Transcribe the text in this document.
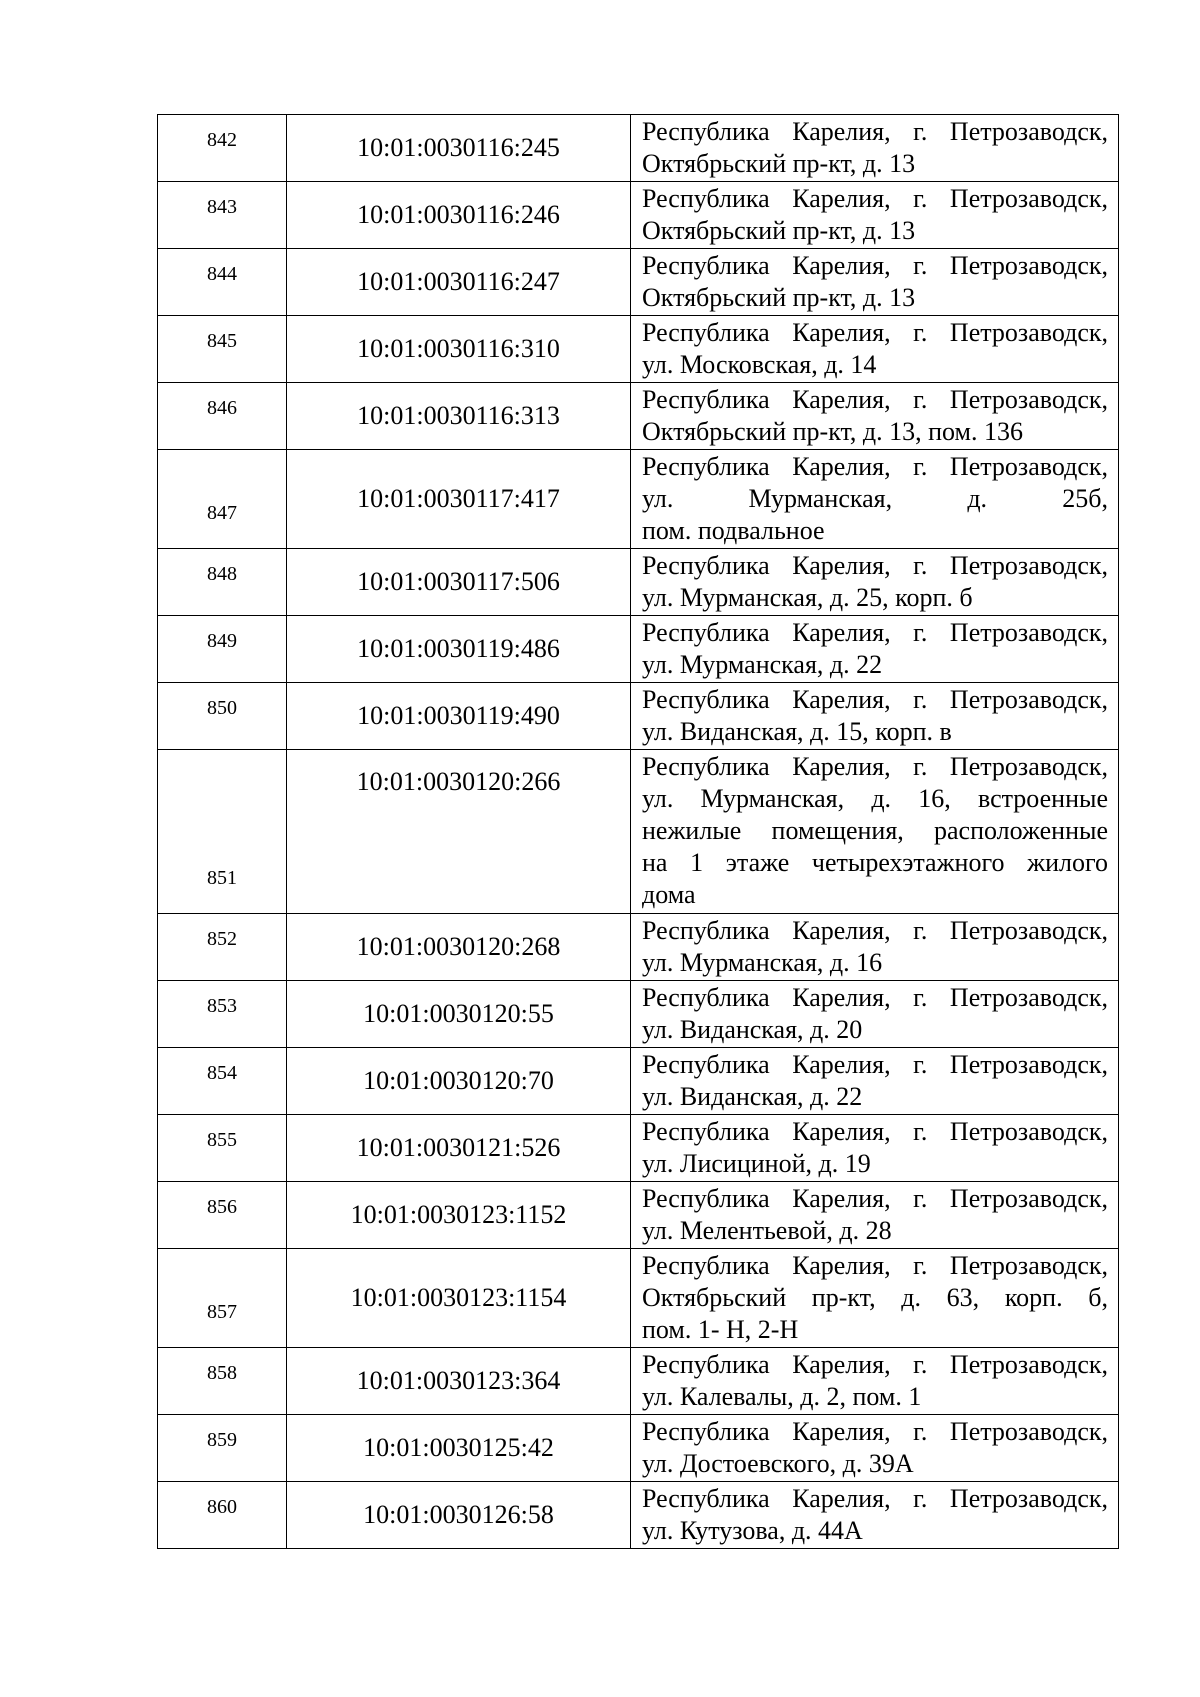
842	10:01:0030116:245	Республика Карелия, г. Петрозаводск,
Октябрьский пр-кт, д. 13

843	10:01:0030116:246	Республика Карелия, г. Петрозаводск,
Октябрьский пр-кт, д. 13

844	10:01:0030116:247	Республика Карелия, г. Петрозаводск,
Октябрьский пр-кт, д. 13

845	10:01:0030116:310	Республика Карелия, г. Петрозаводск,
ул. Московская, д. 14

846	10:01:0030116:313	Республика Карелия, г. Петрозаводск,
Октябрьский пр-кт, д. 13, пом. 136

847	10:01:0030117:417	Республика Карелия, г. Петрозаводск,
ул. Мурманская, д. 25б,
пом. подвальное

848	10:01:0030117:506	Республика Карелия, г. Петрозаводск,
ул. Мурманская, д. 25, корп. б

849	10:01:0030119:486	Республика Карелия, г. Петрозаводск,
ул. Мурманская, д. 22

850	10:01:0030119:490	Республика Карелия, г. Петрозаводск,
ул. Виданская, д. 15, корп. в

851	10:01:0030120:266	Республика Карелия, г. Петрозаводск,
ул. Мурманская, д. 16, встроенные
нежилые помещения, расположенные
на 1 этаже четырехэтажного жилого
дома

852	10:01:0030120:268	Республика Карелия, г. Петрозаводск,
ул. Мурманская, д. 16

853	10:01:0030120:55	Республика Карелия, г. Петрозаводск,
ул. Виданская, д. 20

854	10:01:0030120:70	Республика Карелия, г. Петрозаводск,
ул. Виданская, д. 22

855	10:01:0030121:526	Республика Карелия, г. Петрозаводск,
ул. Лисициной, д. 19

856	10:01:0030123:1152	Республика Карелия, г. Петрозаводск,
ул. Мелентьевой, д. 28

857	10:01:0030123:1154	Республика Карелия, г. Петрозаводск,
Октябрьский пр-кт, д. 63, корп. б,
пом. 1- Н, 2-Н

858	10:01:0030123:364	Республика Карелия, г. Петрозаводск,
ул. Калевалы, д. 2, пом. 1

859	10:01:0030125:42	Республика Карелия, г. Петрозаводск,
ул. Достоевского, д. 39А

860	10:01:0030126:58	Республика Карелия, г. Петрозаводск,
ул. Кутузова, д. 44А
